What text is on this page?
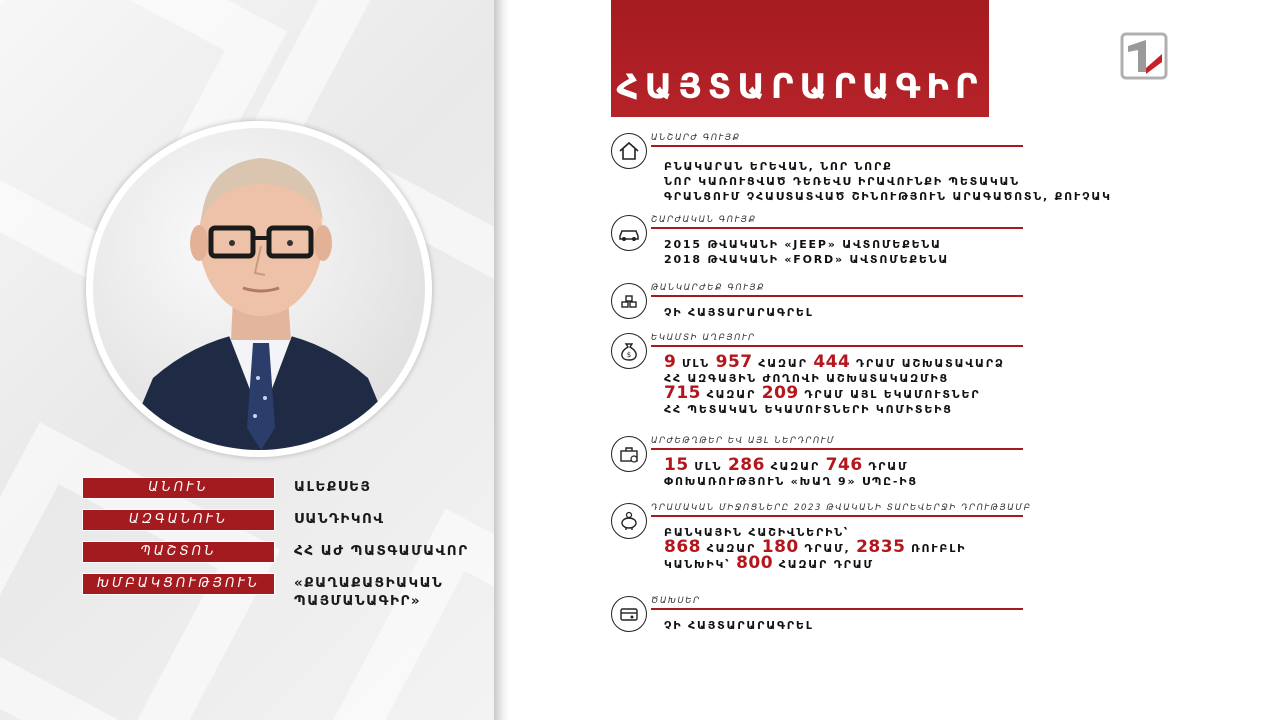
ԱՆՈՒՆ	ԱԼԵՔՍԵՅ
ԱԶԳԱՆՈՒՆ	ՍԱՆԴԻԿՈՎ
ՊԱՇՏՈՆ	ՀՀ ԱԺ ՊԱՏԳԱՄԱՎՈՐ
ԽՄԲԱԿՑՈՒԹՅՈՒՆ	«ՔԱՂԱՔԱՑԻԱԿԱՆ ՊԱՅՄԱՆԱԳԻՐ»
ՀԱՅՏԱՐԱՐԱԳԻՐ
ԱՆՇԱՐԺ ԳՈՒՅՔ
ԲՆԱԿԱՐԱՆ ԵՐԵՎԱՆ, ՆՈՐ ՆՈՐՔ
ՆՈՐ ԿԱՌՈՒՑՎԱԾ ԴԵՌԵՎՍ ԻՐԱՎՈՒՆՔԻ ՊԵՏԱԿԱՆ
ԳՐԱՆՑՈՒՄ ՉՀԱՍՏԱՏՎԱԾ ՇԻՆՈՒԹՅՈՒՆ ԱՐԱԳԱԾՈՏՆ, ՔՈՒՉԱԿ
ՇԱՐԺԱԿԱՆ ԳՈՒՅՔ
2015 ԹՎԱԿԱՆԻ «JEEP» ԱՎՏՈՄԵՔԵՆԱ
2018 ԹՎԱԿԱՆԻ «FORD» ԱՎՏՈՄԵՔԵՆԱ
ԹԱՆԿԱՐԺԵՔ ԳՈՒՅՔ
ՉԻ ՀԱՅՏԱՐԱՐԱԳՐԵԼ
$
ԵԿԱՄՏԻ ԱՂԲՅՈՒՐ
9 ՄԼՆ 957 ՀԱԶԱՐ 444 ԴՐԱՄ ԱՇԽԱՏԱՎԱՐՁ
ՀՀ ԱԶԳԱՅԻՆ ԺՈՂՈՎԻ ԱՇԽԱՏԱԿԱԶՄԻՑ
715 ՀԱԶԱՐ 209 ԴՐԱՄ ԱՅԼ ԵԿԱՄՈՒՏՆԵՐ
ՀՀ ՊԵՏԱԿԱՆ ԵԿԱՄՈՒՏՆԵՐԻ ԿՈՄԻՏԵԻՑ
ԱՐԺԵԹՂԹԵՐ ԵՎ ԱՅԼ ՆԵՐԴՐՈՒՄ
15 ՄԼՆ 286 ՀԱԶԱՐ 746 ԴՐԱՄ
ՓՈԽԱՌՈՒԹՅՈՒՆ «ԽԱՂ 9» ՍՊԸ-ԻՑ
ԴՐԱՄԱԿԱՆ ՄԻՋՈՑՆԵՐԸ 2023 ԹՎԱԿԱՆԻ ՏԱՐԵՎԵՐՋԻ ԴՐՈՒԹՅԱՄԲ
ԲԱՆԿԱՅԻՆ ՀԱՇԻՎՆԵՐԻՆ՝
868 ՀԱԶԱՐ 180 ԴՐԱՄ, 2835 ՌՈՒԲԼԻ
ԿԱՆԽԻԿ՝ 800 ՀԱԶԱՐ ԴՐԱՄ
ԾԱԽՍԵՐ
ՉԻ ՀԱՅՏԱՐԱՐԱԳՐԵԼ
